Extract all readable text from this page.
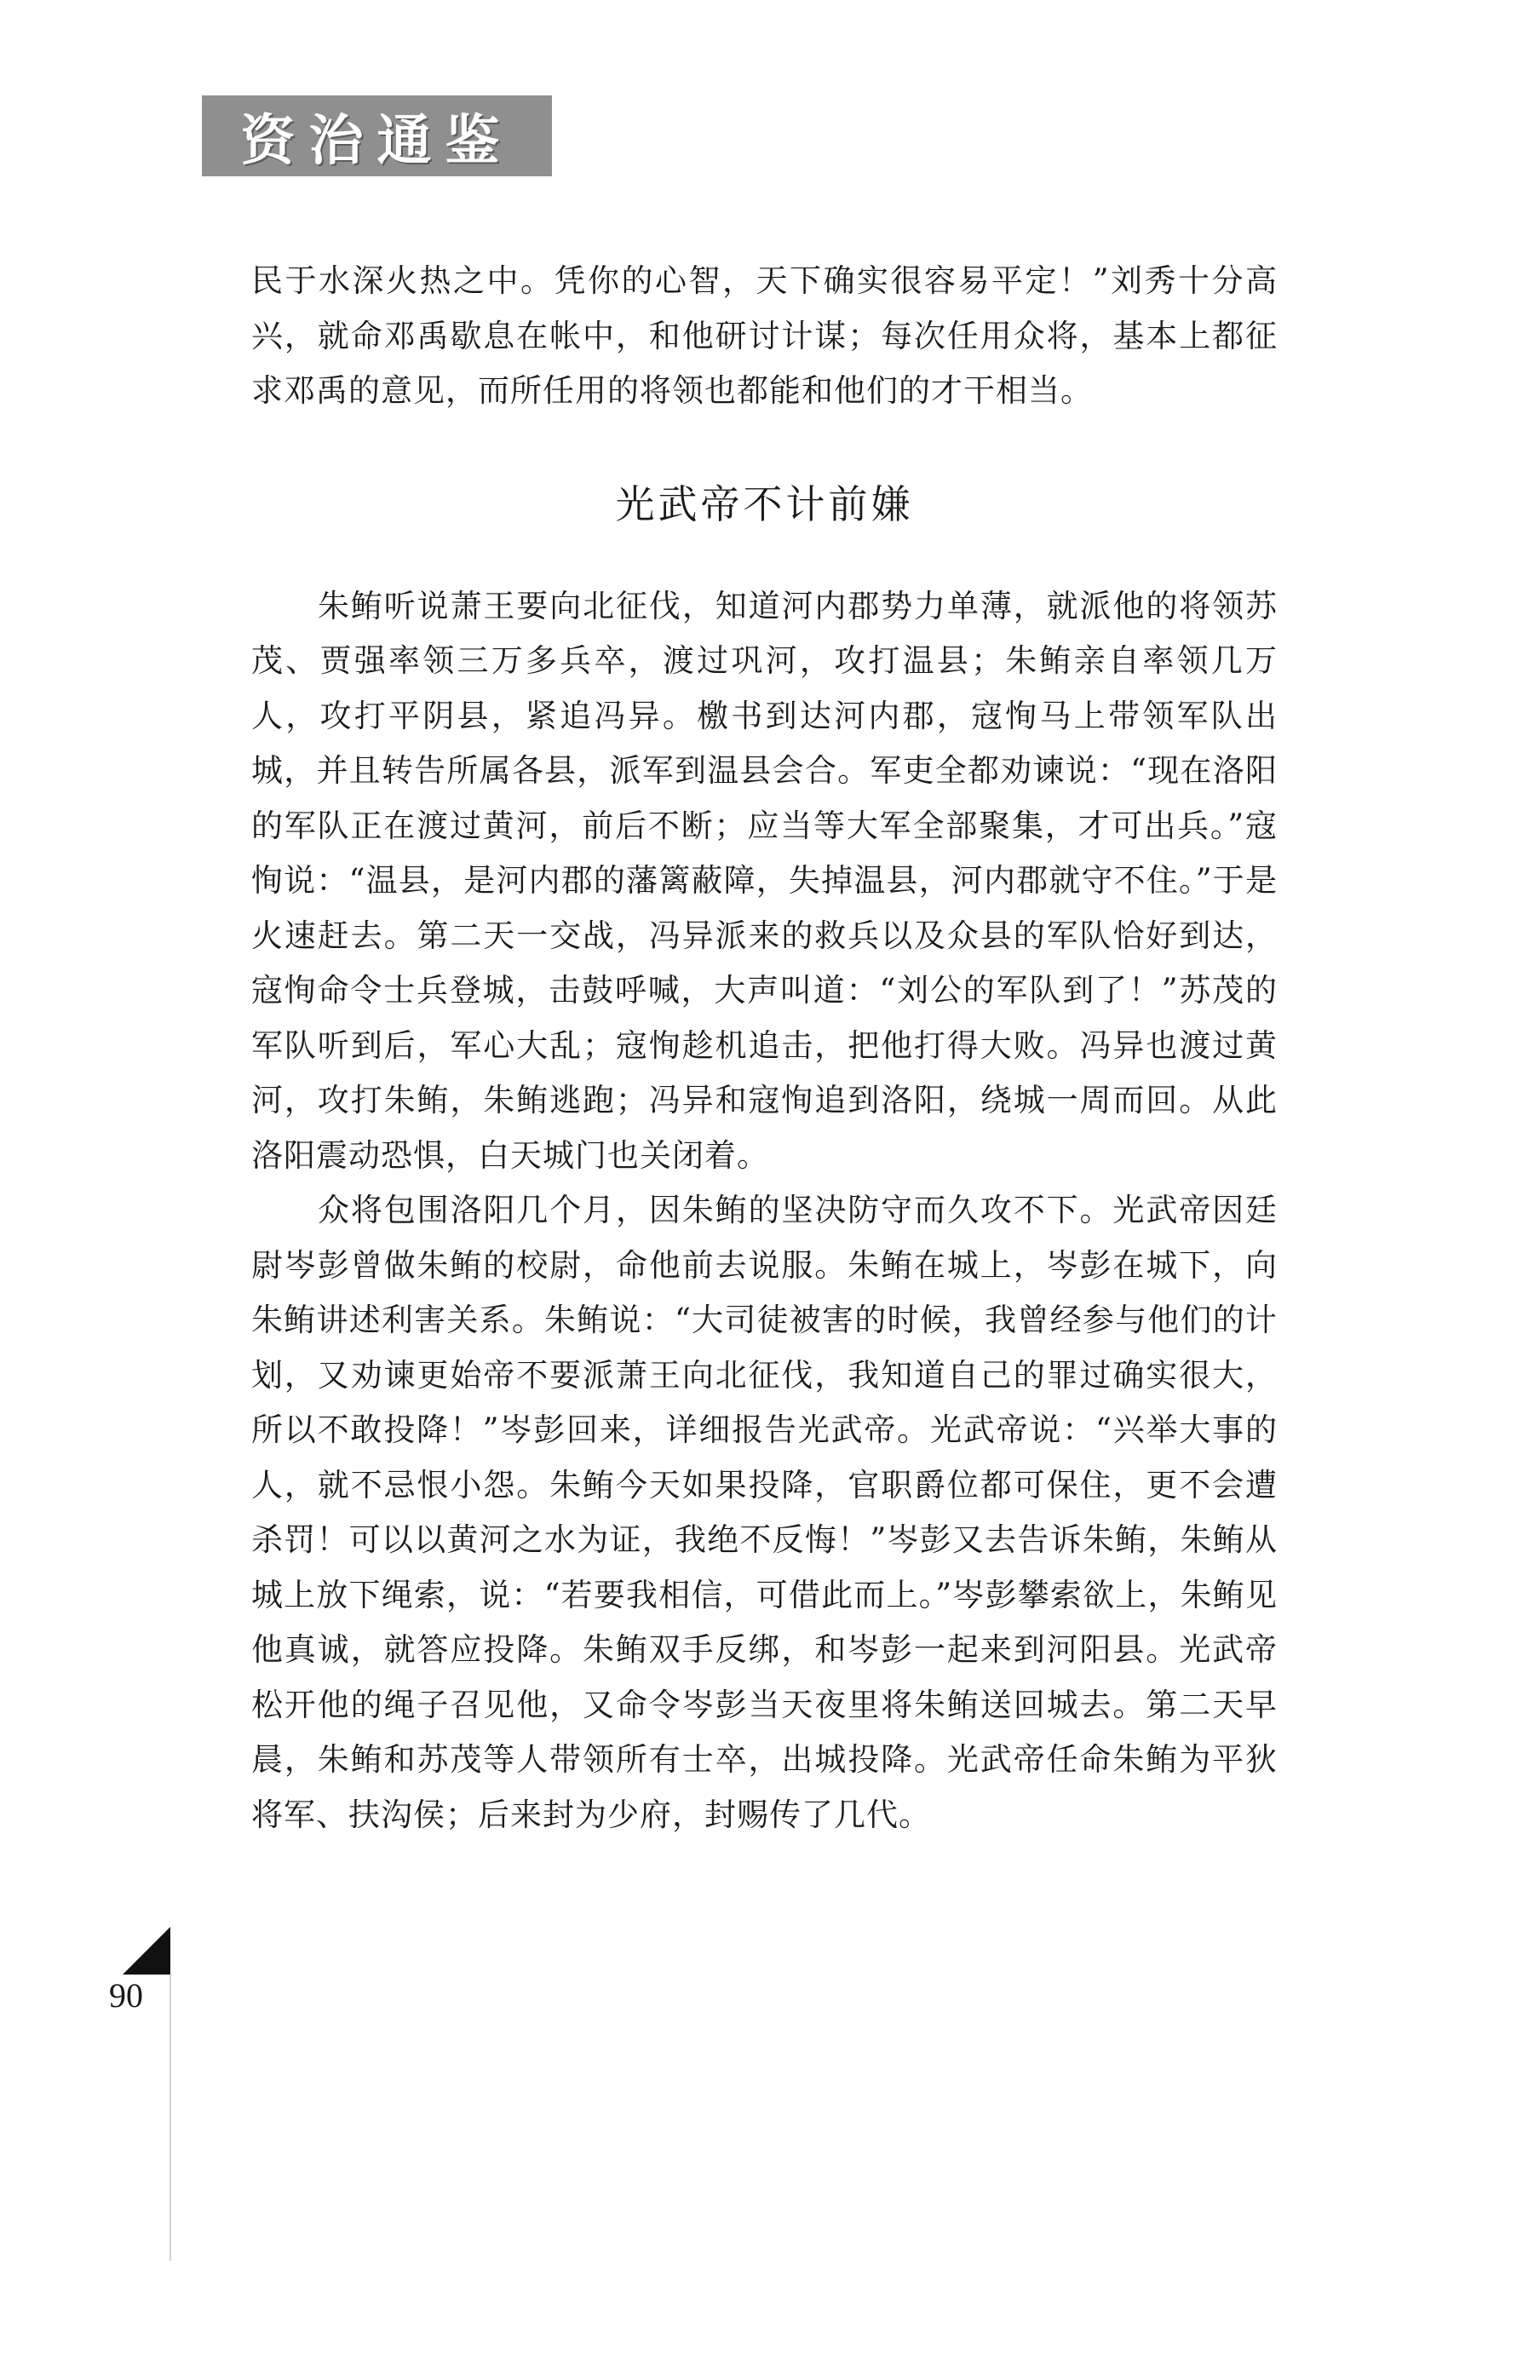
资治通鉴

民于水深火热之中。凭你的心智，天下确实很容易平定！”刘秀十分高兴，就命邓禹歇息在帐中，和他研讨计谋；每次任用众将，基本上都征求邓禹的意见，而所任用的将领也都能和他们的才干相当。

光武帝不计前嫌

朱鲔听说萧王要向北征伐，知道河内郡势力单薄，就派他的将领苏茂、贾强率领三万多兵卒，渡过巩河，攻打温县；朱鲔亲自率领几万人，攻打平阴县，紧追冯异。檄书到达河内郡，寇恂马上带领军队出城，并且转告所属各县，派军到温县会合。军吏全都劝谏说：“现在洛阳的军队正在渡过黄河，前后不断；应当等大军全部聚集，才可出兵。”寇恂说：“温县，是河内郡的藩篱蔽障，失掉温县，河内郡就守不住。”于是火速赶去。第二天一交战，冯异派来的救兵以及众县的军队恰好到达，寇恂命令士兵登城，击鼓呼喊，大声叫道：“刘公的军队到了！”苏茂的军队听到后，军心大乱；寇恂趁机追击，把他打得大败。冯异也渡过黄河，攻打朱鲔，朱鲔逃跑；冯异和寇恂追到洛阳，绕城一周而回。从此洛阳震动恐惧，白天城门也关闭着。

众将包围洛阳几个月，因朱鲔的坚决防守而久攻不下。光武帝因廷尉岑彭曾做朱鲔的校尉，命他前去说服。朱鲔在城上，岑彭在城下，向朱鲔讲述利害关系。朱鲔说：“大司徒被害的时候，我曾经参与他们的计划，又劝谏更始帝不要派萧王向北征伐，我知道自己的罪过确实很大，所以不敢投降！”岑彭回来，详细报告光武帝。光武帝说：“兴举大事的人，就不忌恨小怨。朱鲔今天如果投降，官职爵位都可保住，更不会遭杀罚！可以以黄河之水为证，我绝不反悔！”岑彭又去告诉朱鲔，朱鲔从城上放下绳索，说：“若要我相信，可借此而上。”岑彭攀索欲上，朱鲔见他真诚，就答应投降。朱鲔双手反绑，和岑彭一起来到河阳县。光武帝松开他的绳子召见他，又命令岑彭当天夜里将朱鲔送回城去。第二天早晨，朱鲔和苏茂等人带领所有士卒，出城投降。光武帝任命朱鲔为平狄将军、扶沟侯；后来封为少府，封赐传了几代。

90
